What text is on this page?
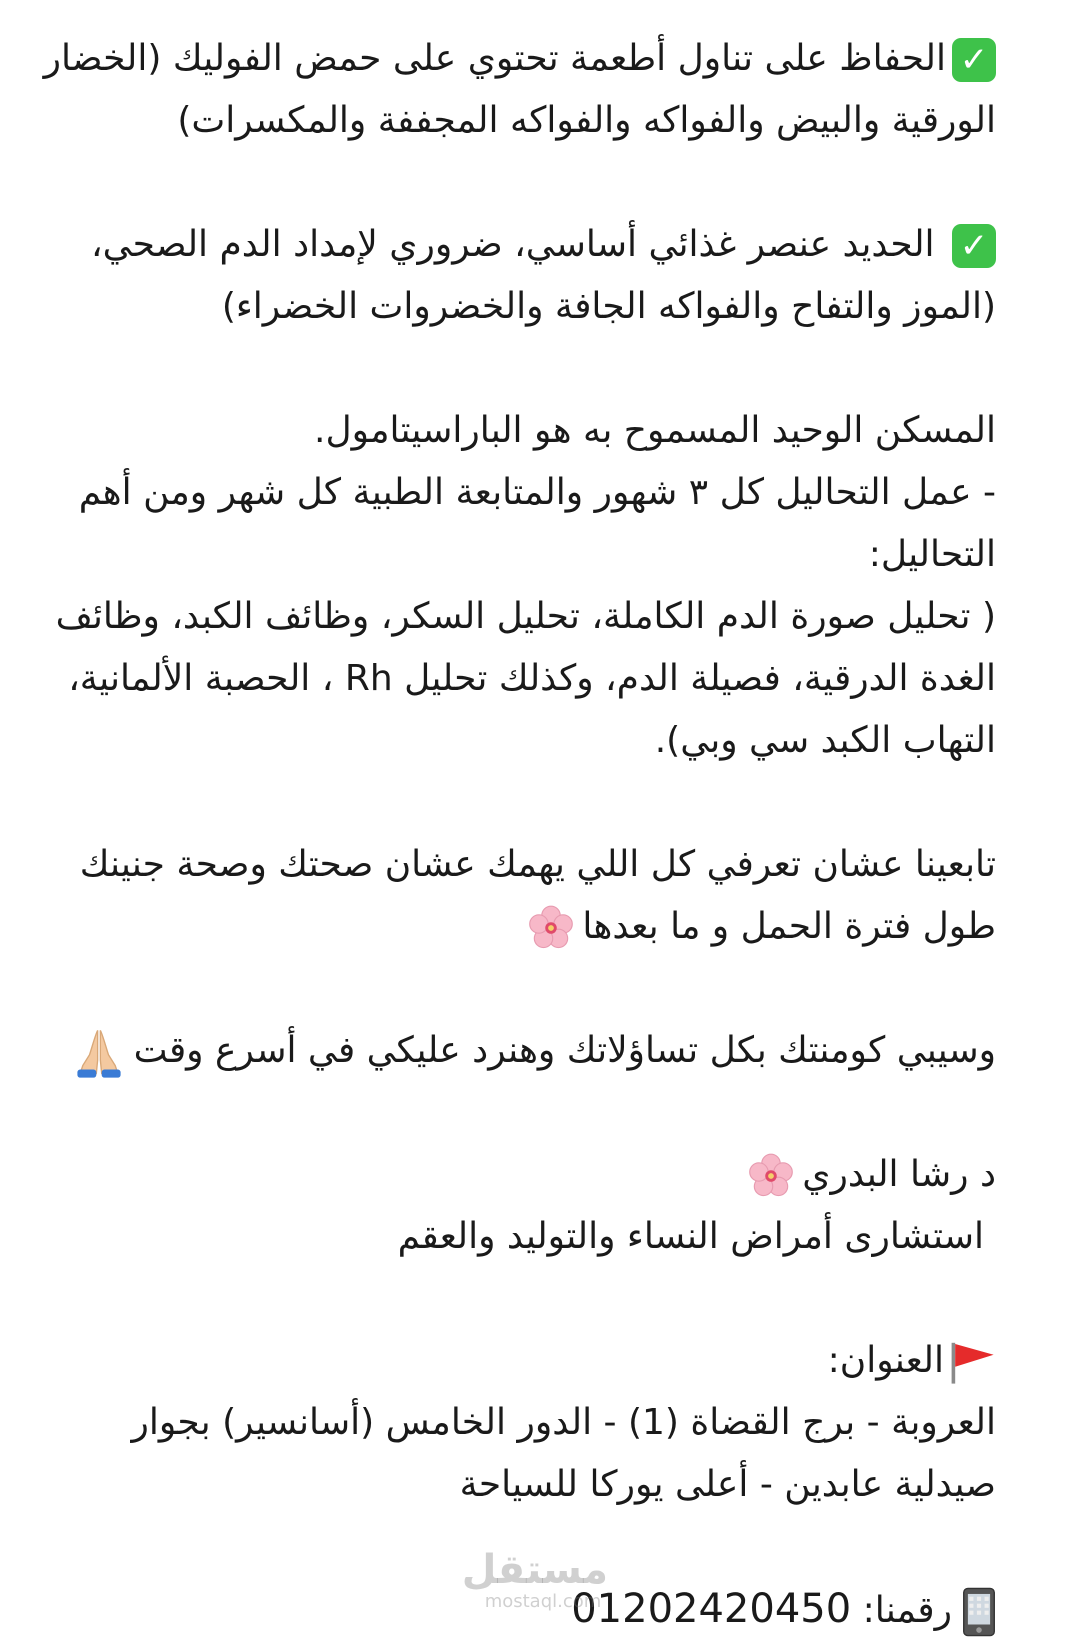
✓الحفاظ على تناول أطعمة تحتوي على حمض الفوليك (الخضار
الورقية والبيض والفواكه والفواكه المجففة والمكسرات)

✓ الحديد عنصر غذائي أساسي، ضروري لإمداد الدم الصحي،
(الموز والتفاح والفواكه الجافة والخضروات الخضراء)

المسكن الوحيد المسموح به هو الباراسيتامول.
- عمل التحاليل كل ٣ شهور والمتابعة الطبية كل شهر ومن أهم
التحاليل:
( تحليل صورة الدم الكاملة، تحليل السكر، وظائف الكبد، وظائف
الغدة الدرقية، فصيلة الدم، وكذلك تحليل Rh ، الحصبة الألمانية،
التهاب الكبد سي وبي).

تابعينا عشان تعرفي كل اللي يهمك عشان صحتك وصحة جنينك
طول فترة الحمل و ما بعدها

وسيبي كومنتك بكل تساؤلاتك وهنرد عليكي في أسرع وقت

د رشا البدري
استشارى أمراض النساء والتوليد والعقم

العنوان:
العروبة - برج القضاة (1) - الدور الخامس (أسانسير) بجوار
صيدلية عابدين - أعلى يوركا للسياحة

رقمنا: 01202420450

مستقل
mostaql.com
